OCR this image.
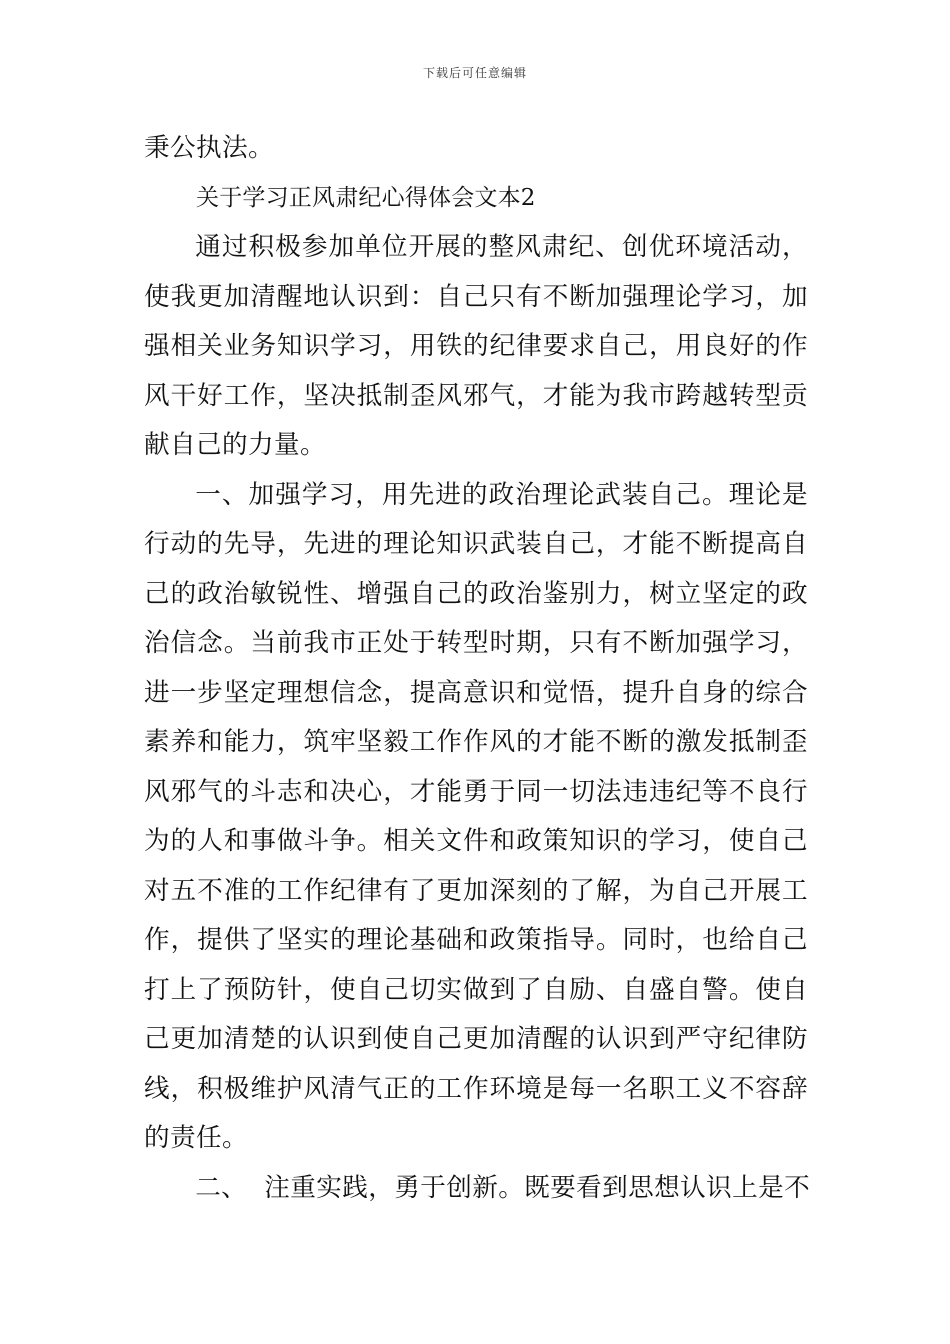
下载后可任意编辑

秉公执法。

关于学习正风肃纪心得体会文本2

通过积极参加单位开展的整风肃纪、创优环境活动，使我更加清醒地认识到：自己只有不断加强理论学习，加强相关业务知识学习，用铁的纪律要求自己，用良好的作风干好工作，坚决抵制歪风邪气，才能为我市跨越转型贡献自己的力量。

一、加强学习，用先进的政治理论武装自己。理论是行动的先导，先进的理论知识武装自己，才能不断提高自己的政治敏锐性、增强自己的政治鉴别力，树立坚定的政治信念。当前我市正处于转型时期，只有不断加强学习，进一步坚定理想信念，提高意识和觉悟，提升自身的综合素养和能力，筑牢坚毅工作作风的才能不断的激发抵制歪风邪气的斗志和决心，才能勇于同一切法违违纪等不良行为的人和事做斗争。相关文件和政策知识的学习，使自己对五不准的工作纪律有了更加深刻的了解，为自己开展工作，提供了坚实的理论基础和政策指导。同时，也给自己打上了预防针，使自己切实做到了自励、自盛自警。使自己更加清楚的认识到使自己更加清醒的认识到严守纪律防线，积极维护风清气正的工作环境是每一名职工义不容辞的责任。

二、  注重实践，勇于创新。既要看到思想认识上是不
